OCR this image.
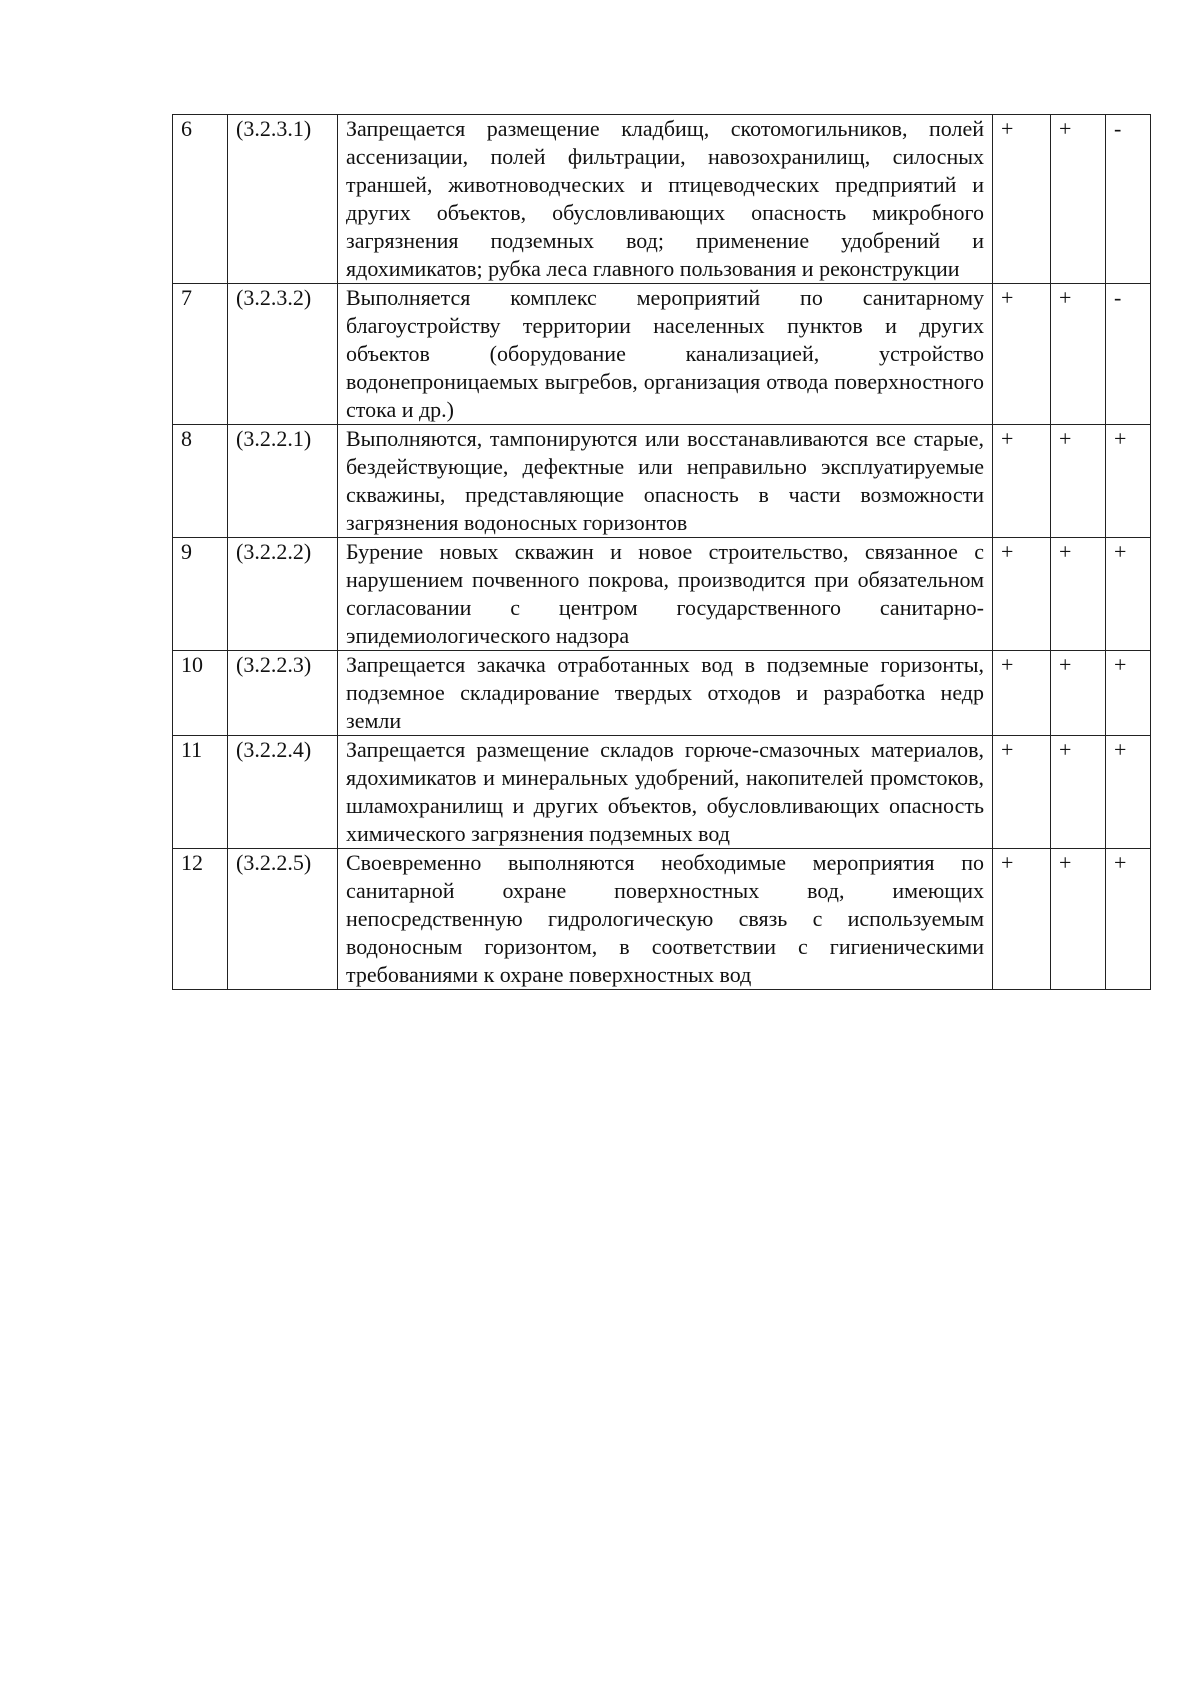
6	(3.2.3.1)	Запрещается размещение кладбищ, скотомогильников, полей ассенизации, полей фильтрации, навозохранилищ, силосных траншей, животноводческих и птицеводческих предприятий и других объектов, обусловливающих опасность микробного загрязнения подземных вод; применение удобрений и ядохимикатов; рубка леса главного пользования и реконструкции	+	+	-
7	(3.2.3.2)	Выполняется комплекс мероприятий по санитарному благоустройству территории населенных пунктов и других объектов (оборудование канализацией, устройство водонепроницаемых выгребов, организация отвода поверхностного стока и др.)	+	+	-
8	(3.2.2.1)	Выполняются, тампонируются или восстанавливаются все старые, бездействующие, дефектные или неправильно эксплуатируемые скважины, представляющие опасность в части возможности загрязнения водоносных горизонтов	+	+	+
9	(3.2.2.2)	Бурение новых скважин и новое строительство, связанное с нарушением почвенного покрова, производится при обязательном согласовании с центром государственного санитарно-эпидемиологического надзора	+	+	+
10	(3.2.2.3)	Запрещается закачка отработанных вод в подземные горизонты, подземное складирование твердых отходов и разработка недр земли	+	+	+
11	(3.2.2.4)	Запрещается размещение складов горюче-смазочных материалов, ядохимикатов и минеральных удобрений, накопителей промстоков, шламохранилищ и других объектов, обусловливающих опасность химического загрязнения подземных вод	+	+	+
12	(3.2.2.5)	Своевременно выполняются необходимые мероприятия по санитарной охране поверхностных вод, имеющих непосредственную гидрологическую связь с используемым водоносным горизонтом, в соответствии с гигиеническими требованиями к охране поверхностных вод	+	+	+
